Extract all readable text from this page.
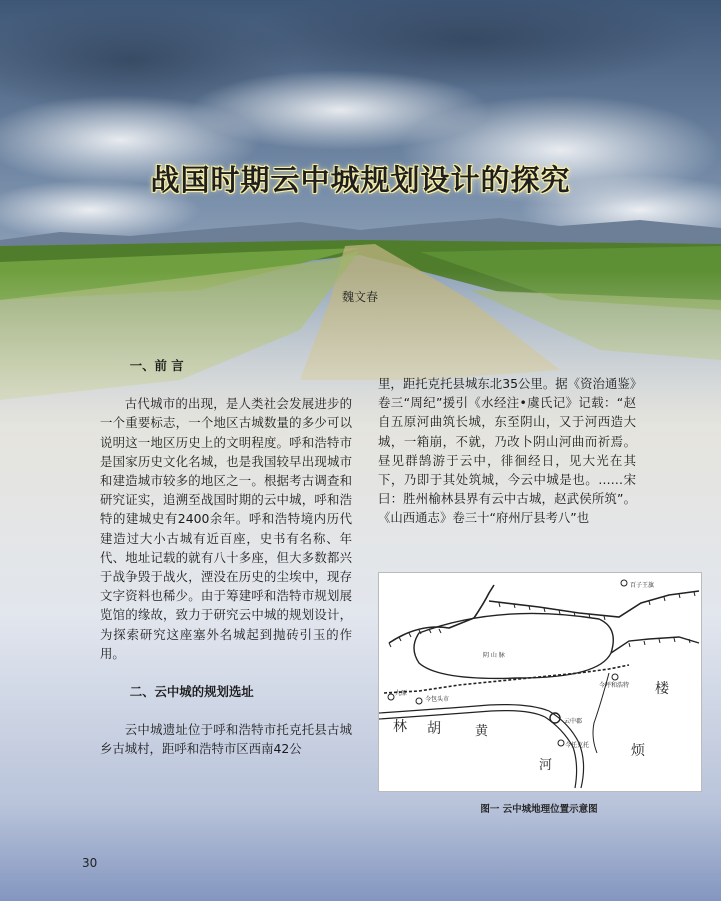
战国时期云中城规划设计的探究
魏文春
一、前 言

古代城市的出现，是人类社会发展进步的一个重要标志，一个地区古城数量的多少可以说明这一地区历史上的文明程度。呼和浩特市是国家历史文化名城，也是我国较早出现城市和建造城市较多的地区之一。根据考古调查和研究证实，追溯至战国时期的云中城，呼和浩特的建城史有2400余年。呼和浩特境内历代建造过大小古城有近百座，史书有名称、年代、地址记载的就有八十多座，但大多数都兴于战争毁于战火，湮没在历史的尘埃中，现存文字资料也稀少。由于筹建呼和浩特市规划展览馆的缘故，致力于研究云中城的规划设计，为探索研究这座塞外名城起到抛砖引玉的作用。

二、云中城的规划选址

云中城遗址位于呼和浩特市托克托县古城乡古城村，距呼和浩特市区西南42公

里，距托克托县城东北35公里。据《资治通鉴》卷三“周纪”援引《水经注•虞氏记》记载：“赵自五原河曲筑长城，东至阴山，又于河西造大城，一箱崩，不就，乃改卜阴山河曲而祈焉。昼见群鹄游于云中，徘徊经日，见大光在其下，乃即于其处筑城，今云中城是也。……宋曰：胜州榆林县界有云中古城，赵武侯所筑”。《山西通志》卷三十“府州厅县考八”也

百子王旗
阴 山 脉
九原
今包头市
今呼和浩特
云中郡
今托克托
林 胡	黄
河
楼
烦
图一 云中城地理位置示意图
30
